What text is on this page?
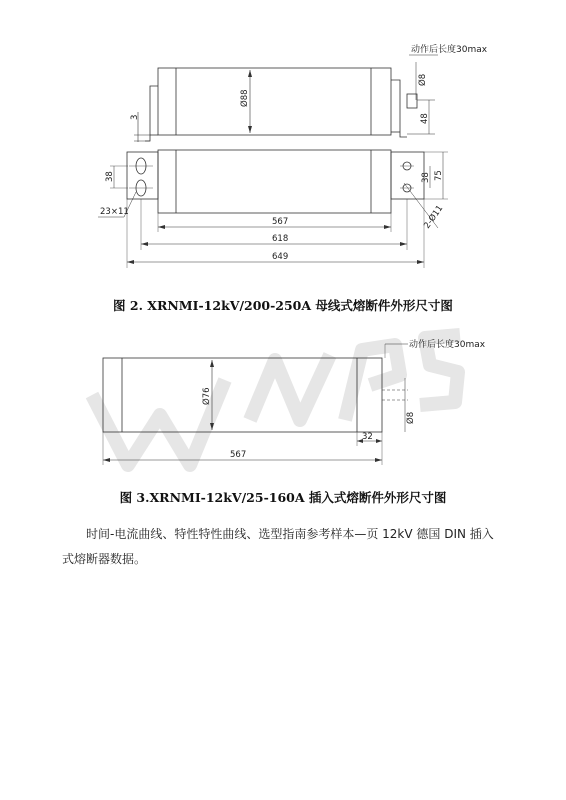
动作后长度30max
Ø88
Ø8
48
3
38
23×11
38 75
2-Ø11
567
618
649
图 2. XRNMI-12kV/200-250A 母线式熔断件外形尺寸图
动作后长度30max
Ø76
Ø8
32
567
图 3.XRNMI-12kV/25-160A 插入式熔断件外形尺寸图
时间-电流曲线、特性特性曲线、选型指南参考样本—页 12kV 德国 DIN 插入
式熔断器数据。
